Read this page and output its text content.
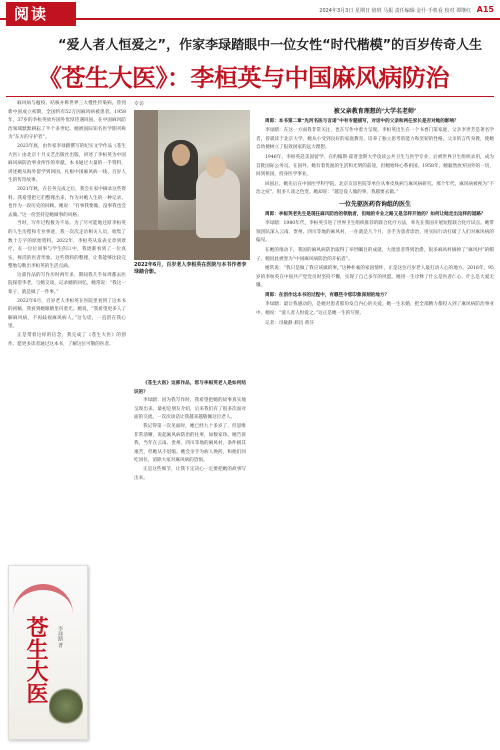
阅读	2024年3月3日 星期日 值班 马振 责任编辑 金什·手机看 校对 谭继红 A15
“爱人者人恒爱之”，作家李琭踏眼中一位女性“时代楷模”的百岁传奇人生
《苍生大医》：李桓英与中国麻风病防治

麻风病与瘟疫、结核并称世界三大慢性传染病，曾到新中国成立初期，全国约有52万因麻风病被患者。1958年，37岁的李桓英放弃国外优厚待遇回国，在中国麻风防治领域默默耕耘了半个多世纪。她被国际知名医学期刊称为“东方的守护者”。

2023年底，由作家李琭踏撰写的纪实文学作品《苍生大医》由北京十月文艺出版社出版，讲述了李桓英为中国麻风病防治事业所作的奉献。本书通过大量的一手资料，讲述她从海外留学到回国、扎根中国麻风病一线、百岁人生的传奇故事。

2021年秋，在任务完成之后，我会在家中摘录这些资料。我希望把它们整理出来，作为对她人生的一种记录，也作为一段历史的回顾。她说：“有事我要做，没事我也会去做。”这一份坚持是她做事的风格。

当时，写作过程极为不易。为了尽可能地还原李桓英的人生历程和专业事迹，我一次次走访相关人员，收集了数十万字的原始资料。2022年，李桓英从发表文章到诊疗，在一位位同事与学生的口中，我逐渐看到了一位真实、鲜活的医者形象。这些资料的整理，让我能够比较完整地勾勒出李桓英的生活点滴。

这部作品的写作历时两年多，期间我几乎每周都去医院探望李老，与她交谈，记录她的回忆。她常说：“我这一辈子，就是做了一件事。”

2022年6月，百岁老人李桓英在医院里看到了这本书的初稿，我看到她眼睛里闪着光。她说，“我希望更多人了解麻风病，不再歧视麻风病人。”这句话，一直留在我心里。

正是带着这样的信念，我完成了《苍生大医》的创作。愿更多读者通过这本书，了解这位可敬的医者。

苍生大医 李琭踏 著
专访
2022年6月，百岁老人李桓英在医院与本书作者李琭踏合影。

《苍生大医》这部作品，您与李桓英老人是如何结识的？

李琭踏：因为我写作时，我希望把她的故事真实地呈现出来。最初是朋友介绍，后来我们有了很多次面对面的交流，一次次谈话让我越来越敬佩这位老人。

我记得第一次见面时，她已经九十多岁了，但思维非常清晰，说起麻风病防治的往事，如数家珍。她告诉我，当年在云南、贵州、四川等地的麻风村，条件极其艰苦，但她从不退缩。她会亲手为病人换药，和他们同吃同住，消除大家对麻风病的恐惧。

正是这些细节，让我下定决心一定要把她的故事写出来。

被父亲教育理想的‘大学名老师’

周郎：本书第二章“先河名医与言诺”中有专题描写，对话中的父亲和两任家长是否对她的影响？

李琭踏：在这一方面我非常关注，也在写作中着力呈现。李桓英出生在一个书香门第家庭，父亲李世芳是著名学者，曾就读于北京大学。她从小受到良好的家庭教育，培养了独立思考的能力和坚韧的性格。父亲的言传身教，使她自幼便树立了报效国家的远大理想。

1946年，李桓英赴美国留学，在约翰斯·霍普金斯大学攻读公共卫生与医学专业，后被世界卫生组织录用，成为首批国际公务员。在国外，她有着优渥的生活和光明的前途，但她始终心系祖国。1958年，她毅然放弃国外的一切，回到祖国，投身医学事业。

回国后，她先后在中国医学科学院、北京友谊医院等单位从事皮肤病与麻风病研究。那个年代，麻风病被视为“不治之症”，很多人谈之色变。她却说：“越是没人做的事，我越要去做。”

一位先驱医药咨询组的医生

周郎：李桓英老先生是现任麻风防治的领航者，但她的专业之路又是怎样开始的？如何让她走出这样的道路？

李琭踏：1980年代，李桓英引进了世界卫生组织推荐的联合化疗方法，率先在我国开展短程联合化疗试点。她带领团队深入云南、贵州、四川等地的麻风村，一住就是几个月，亲手为患者诊治，用实际行动打破了人们对麻风病的偏见。

在她的推动下，我国的麻风病防治取得了举世瞩目的成就，大批患者得到治愈，很多麻风村摘掉了“麻风村”的帽子。她因此被誉为“中国麻风病防治的开拓者”。

她常说：“我只是做了我应该做的事。”这种朴素的家国情怀，正是这位百岁老人最打动人心的地方。2016年，95岁的李桓英在中国共产党党员时坚持不懈，实现了自己多年的夙愿。她用一生诠释了什么是医者仁心，什么是大爱无疆。

周郎：在创作这本书的过程中，有哪些令您印象深刻的地方？

李琭踏：最让我感动的，是她对患者那份发自内心的关爱。她一生未婚，把全部精力都投入到了麻风病防治事业中。她说：“爱人者人恒爱之。”这正是她一生的写照。

记者：司敏静 郝昌 黄芬
